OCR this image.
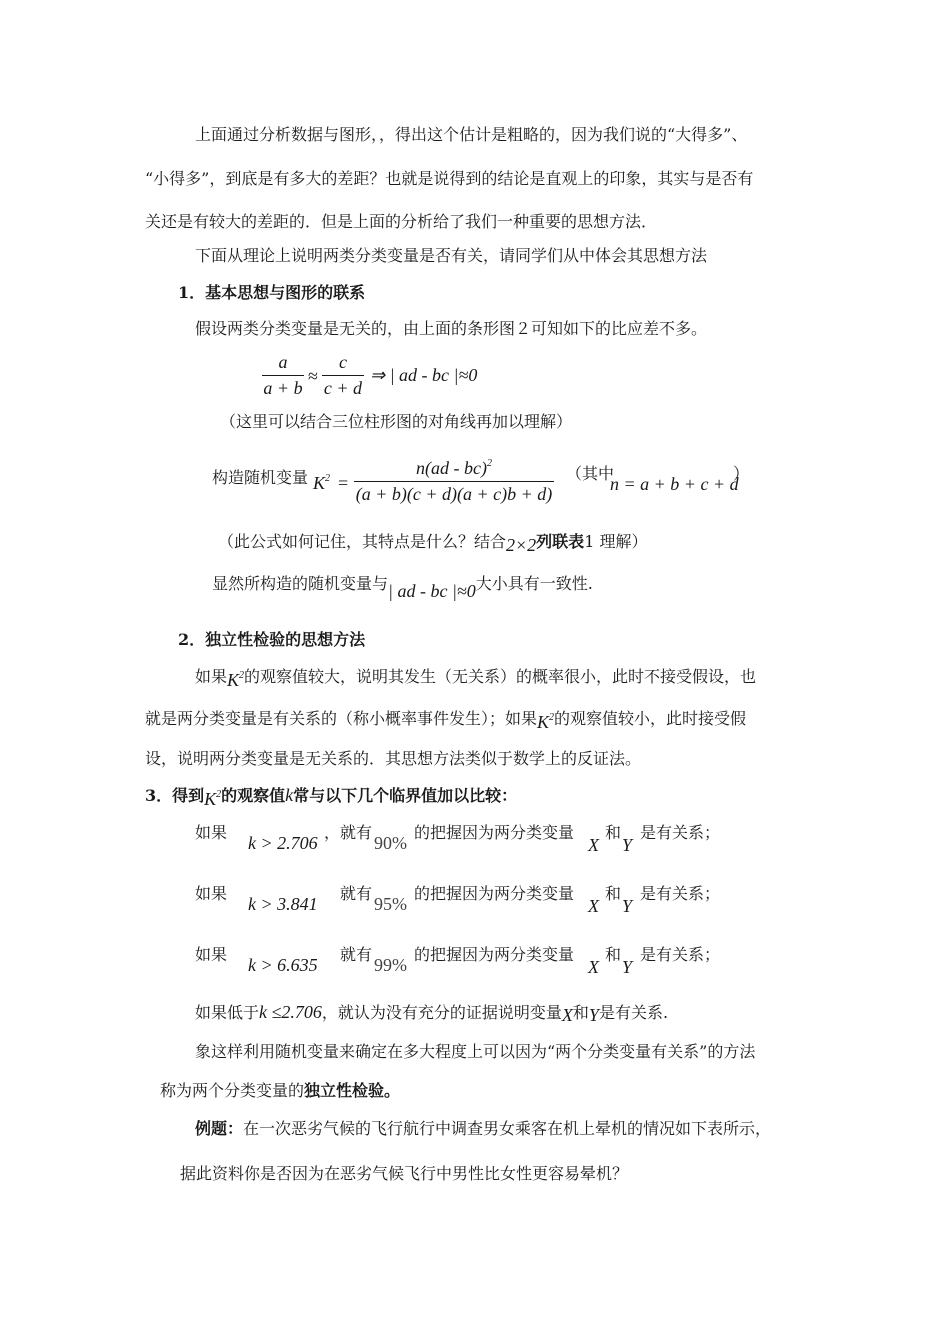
上面通过分析数据与图形，，得出这个估计是粗略的，因为我们说的“大得多”、
“小得多”，到底是有多大的差距？也就是说得到的结论是直观上的印象，其实与是否有
关还是有较大的差距的．但是上面的分析给了我们一种重要的思想方法．
下面从理论上说明两类分类变量是否有关，请同学们从中体会其思想方法
1．基本思想与图形的联系
假设两类分类变量是无关的，由上面的条形图２可知如下的比应差不多。
a
a + b
≈
c
c + d
⇒ | ad - bc |≈0
（这里可以结合三位柱形图的对角线再加以理解）
构造随机变量 $K^2$ =
n(ad - bc)$^2$
(a + b)(c + d)(a + c)b + d)
（其中
n = a + b + c + d
）
（此公式如何记住，其特点是什么？结合2×2列联表1 理解）
显然所构造的随机变量与| ad - bc |≈0大小具有一致性.
2．独立性检验的思想方法
如果$K^2$的观察值较大，说明其发生（无关系）的概率很小，此时不接受假设，也
就是两分类变量是有关系的（称小概率事件发生）；如果$K^2$的观察值较小，此时接受假
设，说明两分类变量是无关系的．其思想方法类似于数学上的反证法。
3．得到$K^2$的观察值k常与以下几个临界值加以比较：
如果
k > 2.706
， 就有
90%
的把握因为两分类变量
X
和
Y
是有关系；
如果
k > 3.841
就有
95%
的把握因为两分类变量
X
和
Y
是有关系；
如果
k > 6.635
就有
99%
的把握因为两分类变量
X
和
Y
是有关系；
如果低于k ≤2.706，就认为没有充分的证据说明变量X和Y是有关系.
象这样利用随机变量来确定在多大程度上可以因为“两个分类变量有关系”的方法
称为两个分类变量的独立性检验。
例题：在一次恶劣气候的飞行航行中调查男女乘客在机上晕机的情况如下表所示，
据此资料你是否因为在恶劣气候飞行中男性比女性更容易晕机？
